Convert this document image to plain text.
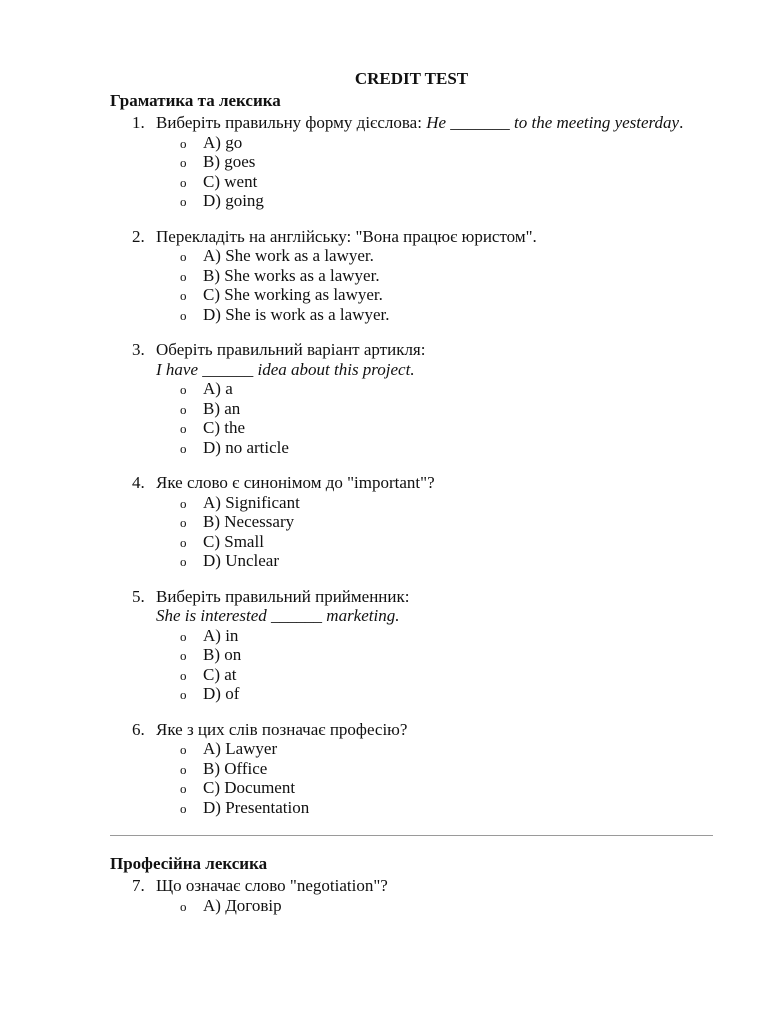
CREDIT TEST
Граматика та лексика
1. Виберіть правильну форму дієслова: He _______ to the meeting yesterday.
o A) go
o B) goes
o C) went
o D) going
2. Перекладіть на англійську: "Вона працює юристом".
o A) She work as a lawyer.
o B) She works as a lawyer.
o C) She working as lawyer.
o D) She is work as a lawyer.
3. Оберіть правильний варіант артикля:
I have ______ idea about this project.
o A) a
o B) an
o C) the
o D) no article
4. Яке слово є синонімом до "important"?
o A) Significant
o B) Necessary
o C) Small
o D) Unclear
5. Виберіть правильний прийменник:
She is interested ______ marketing.
o A) in
o B) on
o C) at
o D) of
6. Яке з цих слів позначає професію?
o A) Lawyer
o B) Office
o C) Document
o D) Presentation
Професійна лексика
7. Що означає слово "negotiation"?
o A) Договір
